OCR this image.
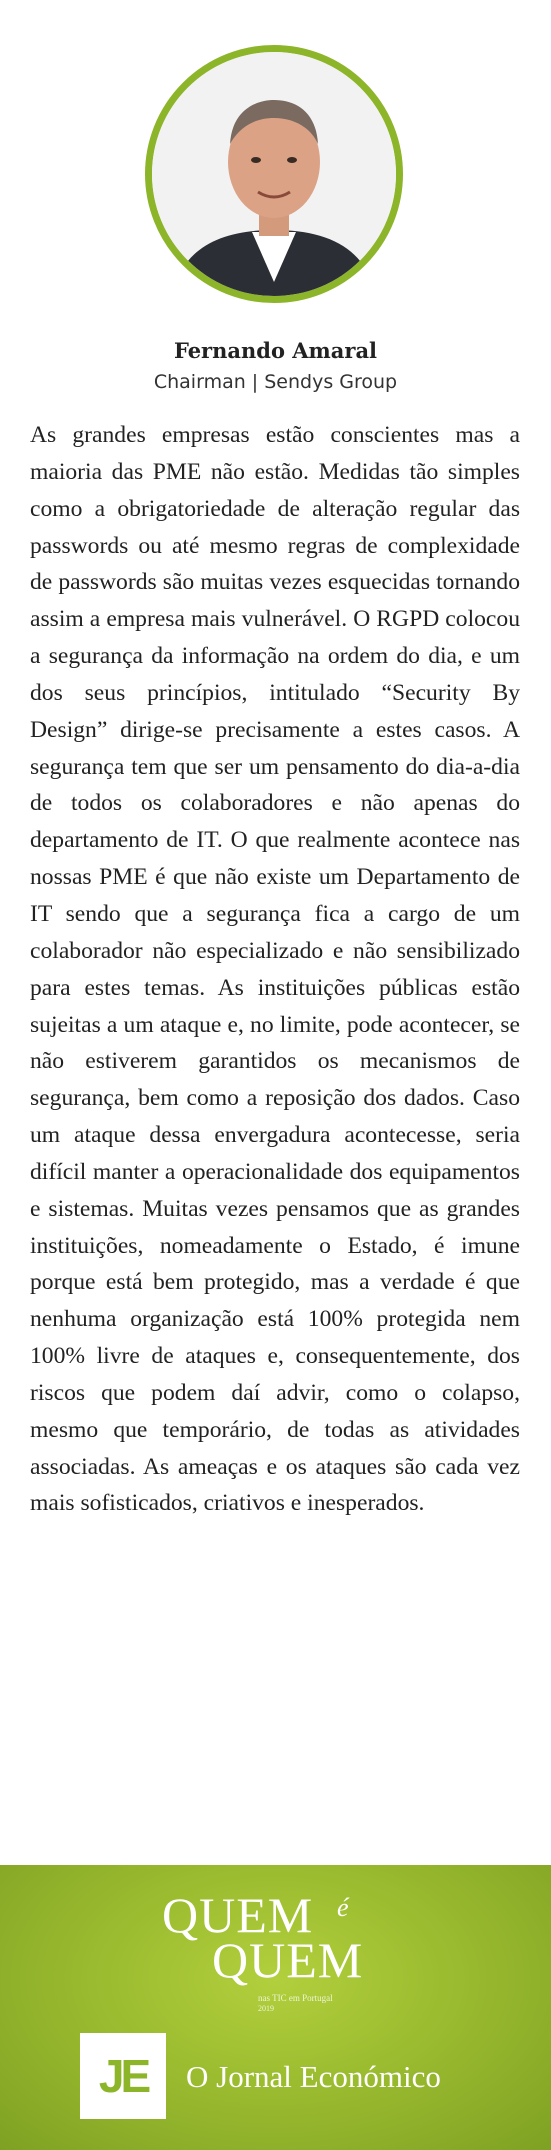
Fernando Amaral
Chairman | Sendys Group

As grandes empresas estão conscientes mas a maioria das PME não estão. Medidas tão simples como a obrigatoriedade de alteração regular das passwords ou até mesmo regras de complexidade de passwords são muitas vezes esquecidas tornando assim a empresa mais vulnerável. O RGPD colocou a segurança da informação na ordem do dia, e um dos seus princípios, intitulado “Security By Design” dirige-se precisamente a estes casos. A segurança tem que ser um pensamento do dia-a-dia de todos os colaboradores e não apenas do departamento de IT. O que realmente acontece nas nossas PME é que não existe um Departamento de IT sendo que a segurança fica a cargo de um colaborador não especializado e não sensibilizado para estes temas. As instituições públicas estão sujeitas a um ataque e, no limite, pode acontecer, se não estiverem garantidos os mecanismos de segurança, bem como a reposição dos dados. Caso um ataque dessa envergadura acontecesse, seria difícil manter a operacionalidade dos equipamentos e sistemas. Muitas vezes pensamos que as grandes instituições, nomeadamente o Estado, é imune porque está bem protegido, mas a verdade é que nenhuma organização está 100% protegida nem 100% livre de ataques e, consequentemente, dos riscos que podem daí advir, como o colapso, mesmo que temporário, de todas as atividades associadas. As ameaças e os ataques são cada vez mais sofisticados, criativos e inesperados.

QUEM é
QUEM
nas TIC em Portugal
2019
JE O Jornal Económico
